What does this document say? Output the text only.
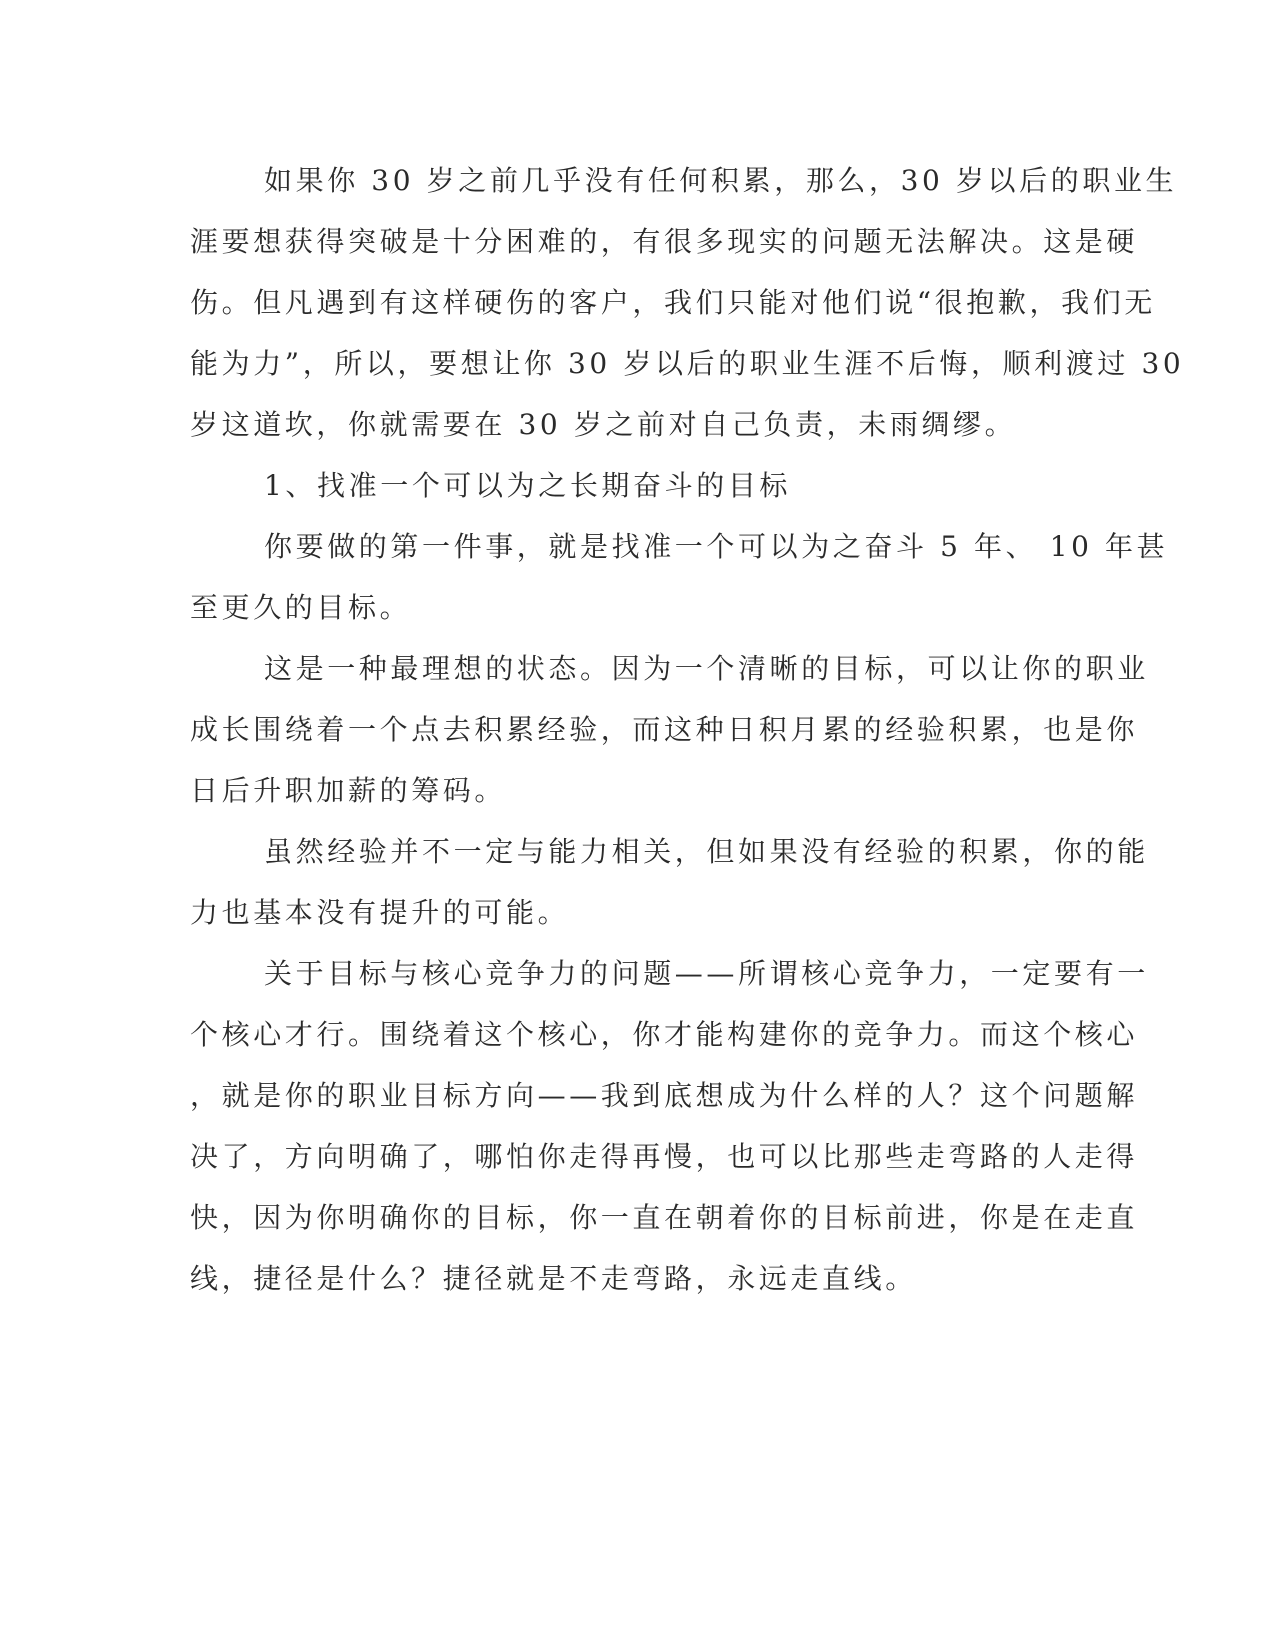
如果你 30 岁之前几乎没有任何积累，那么，30 岁以后的职业生
涯要想获得突破是十分困难的，有很多现实的问题无法解决。这是硬
伤。但凡遇到有这样硬伤的客户，我们只能对他们说“很抱歉，我们无
能为力”，所以，要想让你 30 岁以后的职业生涯不后悔，顺利渡过 30
岁这道坎，你就需要在 30 岁之前对自己负责，未雨绸缪。

1、找准一个可以为之长期奋斗的目标

你要做的第一件事，就是找准一个可以为之奋斗 5 年、 10 年甚
至更久的目标。

这是一种最理想的状态。因为一个清晰的目标，可以让你的职业
成长围绕着一个点去积累经验，而这种日积月累的经验积累，也是你
日后升职加薪的筹码。

虽然经验并不一定与能力相关，但如果没有经验的积累，你的能
力也基本没有提升的可能。

关于目标与核心竞争力的问题——所谓核心竞争力，一定要有一
个核心才行。围绕着这个核心，你才能构建你的竞争力。而这个核心
，就是你的职业目标方向——我到底想成为什么样的人？这个问题解
决了，方向明确了，哪怕你走得再慢，也可以比那些走弯路的人走得
快，因为你明确你的目标，你一直在朝着你的目标前进，你是在走直
线，捷径是什么？捷径就是不走弯路，永远走直线。
